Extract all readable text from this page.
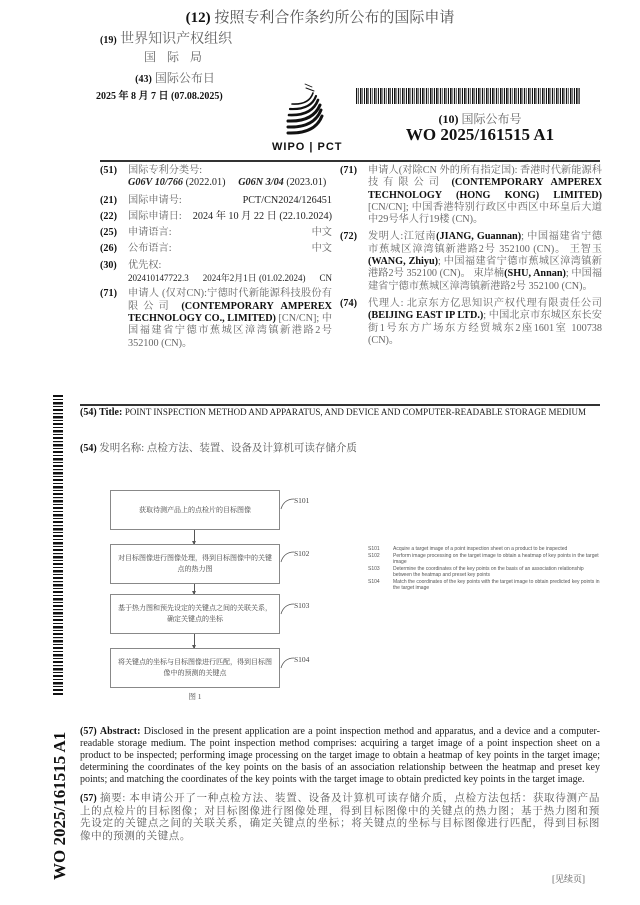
(12) 按照专利合作条约所公布的国际申请
(19) 世界知识产权组织
国 际 局
(43) 国际公布日
2025 年 8 月 7 日 (07.08.2025)
WIPO | PCT
(10) 国际公布号
WO 2025/161515 A1
(51) 国际专利分类号:
G06V 10/766 (2022.01) G06N 3/04 (2023.01)
(21) 国际申请号:	PCT/CN2024/126451
(22) 国际申请日: 2024 年 10 月 22 日 (22.10.2024)
(25) 申请语言:	中文
(26) 公布语言:	中文
(30) 优先权:
202410147722.3 2024年2月1日 (01.02.2024) CN
(71) 申请人 (仅对CN):宁德时代新能源科技股份有限公司 (CONTEMPORARY AMPEREX TECHNOLOGY CO., LIMITED) [CN/CN]; 中国福建省宁德市蕉城区漳湾镇新港路2号 352100 (CN)。
(71) 申请人(对除CN 外的所有指定国): 香港时代新能源科技有限公司 (CONTEMPORARY AMPEREX TECHNOLOGY (HONG KONG) LIMITED) [CN/CN]; 中国香港特别行政区中西区中环皇后大道中29号华人行19楼 (CN)。
(72) 发明人:江冠南(JIANG, Guannan); 中国福建省宁德市蕉城区漳湾镇新港路2号 352100 (CN)。 王智玉(WANG, Zhiyu); 中国福建省宁德市蕉城区漳湾镇新港路2号 352100 (CN)。 束岸楠(SHU, Annan); 中国福建省宁德市蕉城区漳湾镇新港路2号 352100 (CN)。
(74) 代理人: 北京东方亿思知识产权代理有限责任公司 (BEIJING EAST IP LTD.); 中国北京市东城区东长安街1号东方广场东方经贸城东2座1601室 100738 (CN)。
WO 2025/161515 A1
(54) Title: POINT INSPECTION METHOD AND APPARATUS, AND DEVICE AND COMPUTER-READABLE STORAGE MEDIUM
(54) 发明名称: 点检方法、装置、设备及计算机可读存储介质
获取待测产品上的点检片的目标图像
S101
对目标图像进行图像处理，得到目标图像中的关键点的热力图
S102
基于热力图和预先设定的关键点之间的关联关系，确定关键点的坐标
S103
将关键点的坐标与目标图像进行匹配，得到目标图像中的预测的关键点
S104
图 1
S101	Acquire a target image of a point inspection sheet on a product to be inspected
S102	Perform image processing on the target image to obtain a heatmap of key points in the target image
S103	Determine the coordinates of the key points on the basis of an association relationship between the heatmap and preset key points
S104	Match the coordinates of the key points with the target image to obtain predicted key points in the target image
(57) Abstract: Disclosed in the present application are a point inspection method and apparatus, and a device and a computer-readable storage medium. The point inspection method comprises: acquiring a target image of a point inspection sheet on a product to be inspected; performing image processing on the target image to obtain a heatmap of key points in the target image; determining the coordinates of the key points on the basis of an association relationship between the heatmap and preset key points; and matching the coordinates of the key points with the target image to obtain predicted key points in the target image.
(57) 摘要: 本申请公开了一种点检方法、装置、设备及计算机可读存储介质，点检方法包括：获取待测产品上的点检片的目标图像；对目标图像进行图像处理，得到目标图像中的关键点的热力图；基于热力图和预先设定的关键点之间的关联关系，确定关键点的坐标；将关键点的坐标与目标图像进行匹配，得到目标图像中的预测的关键点。
[见续页]
